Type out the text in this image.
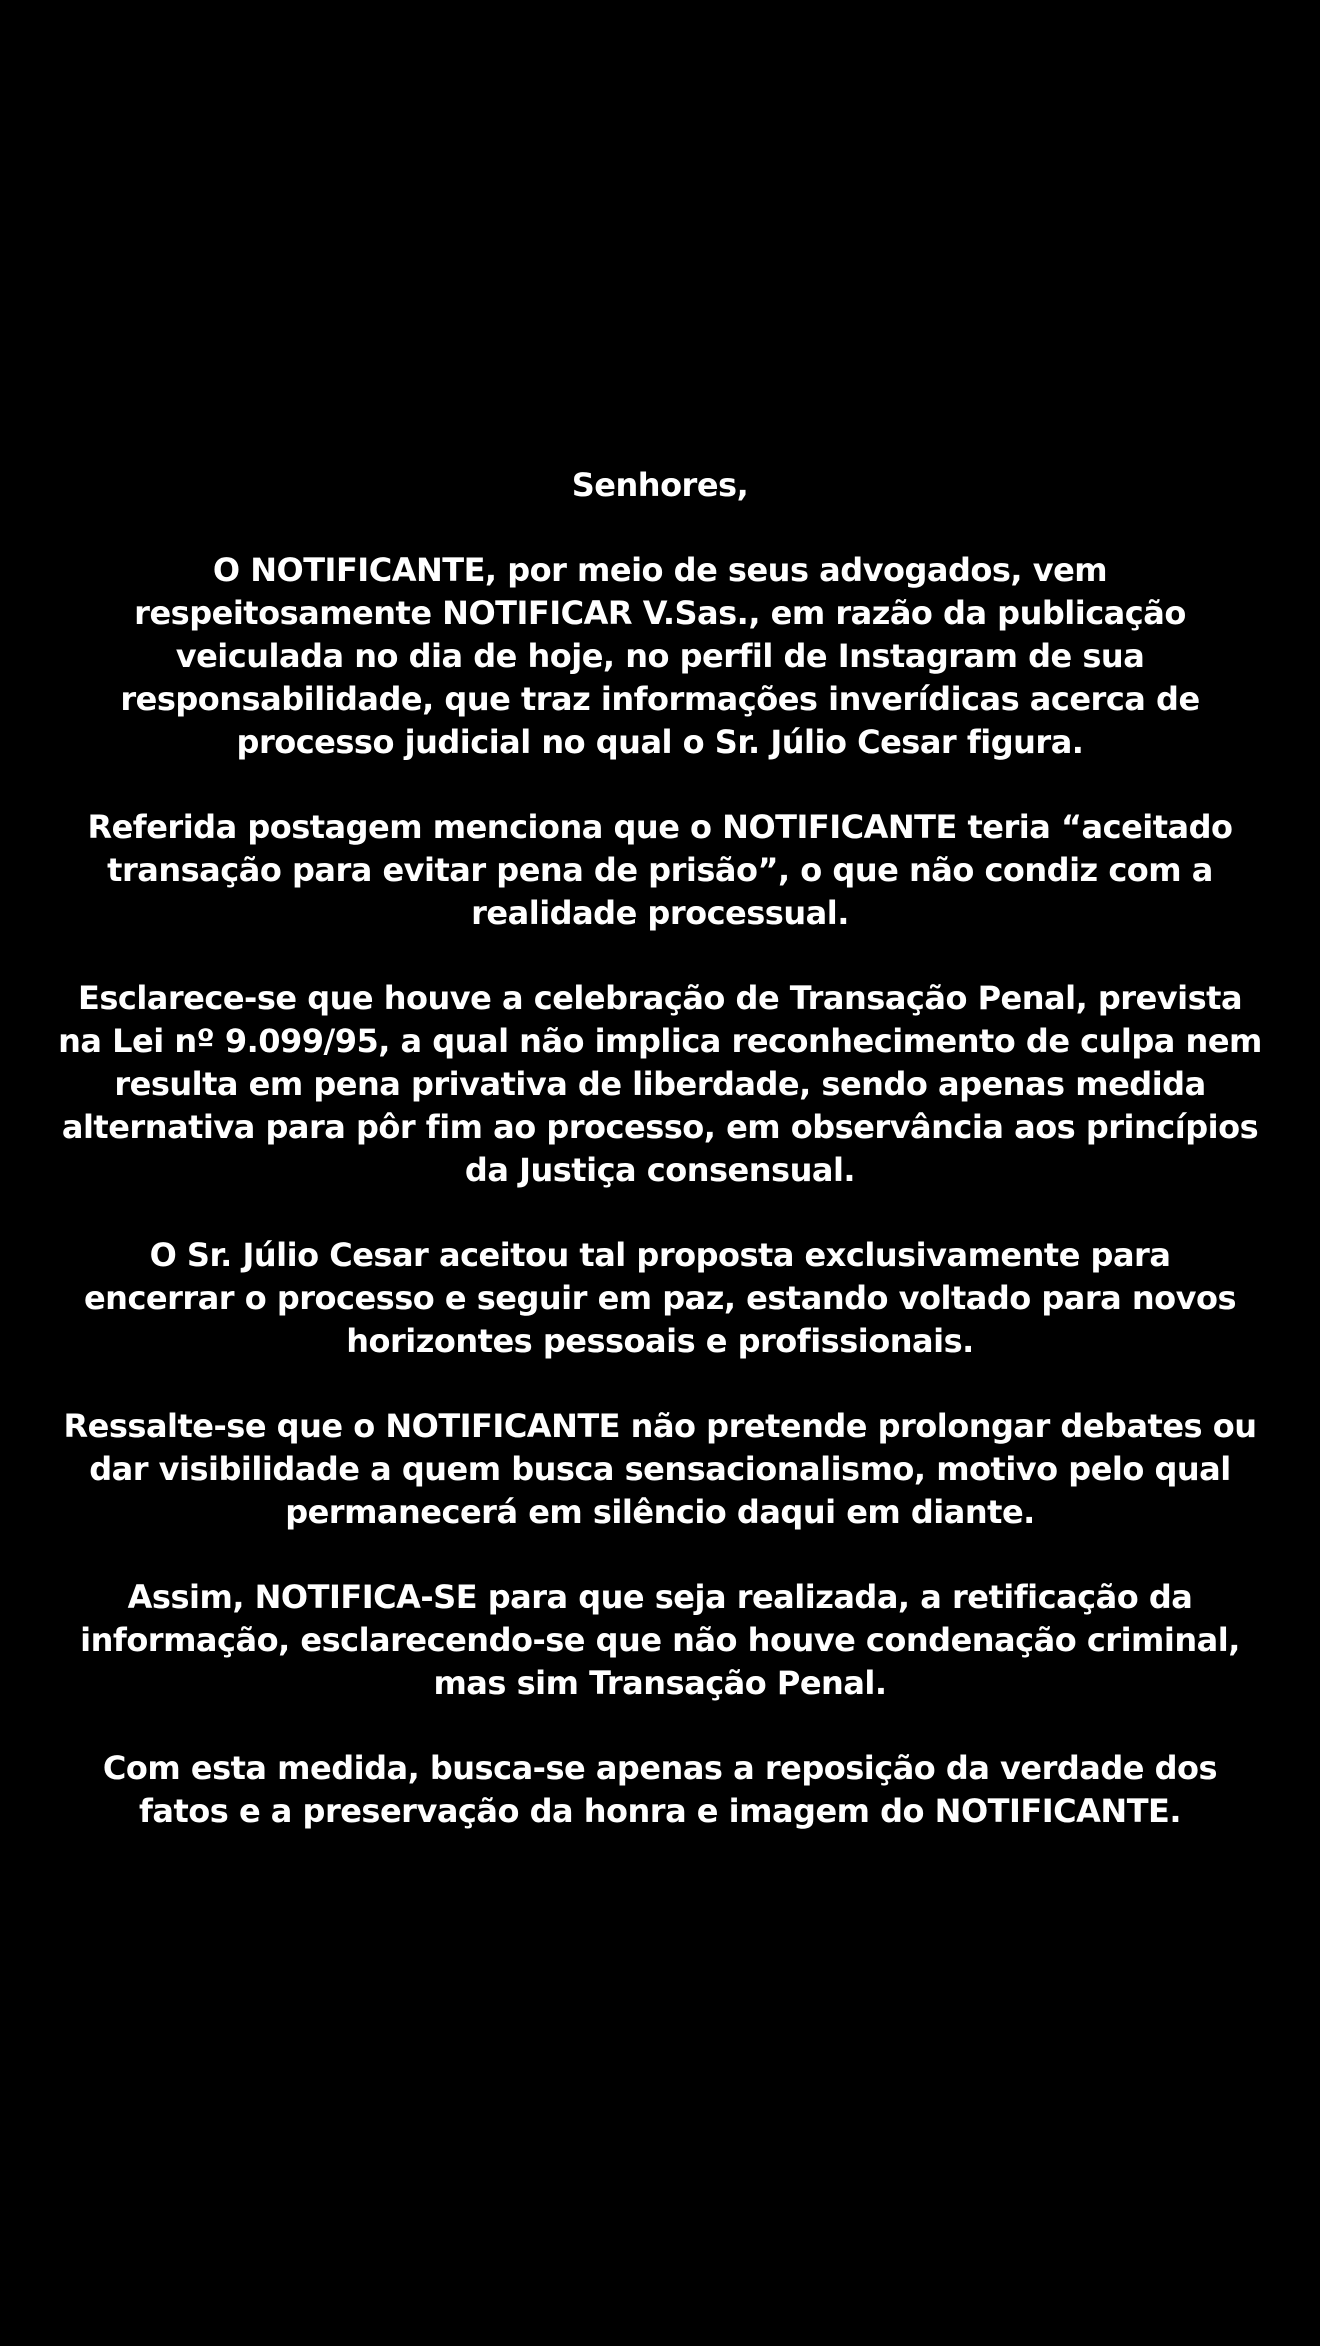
Senhores,
O NOTIFICANTE, por meio de seus advogados, vem
respeitosamente NOTIFICAR V.Sas., em razão da publicação
veiculada no dia de hoje, no perfil de Instagram de sua
responsabilidade, que traz informações inverídicas acerca de
processo judicial no qual o Sr. Júlio Cesar figura.
Referida postagem menciona que o NOTIFICANTE teria “aceitado
transação para evitar pena de prisão”, o que não condiz com a
realidade processual.
Esclarece-se que houve a celebração de Transação Penal, prevista
na Lei nº 9.099/95, a qual não implica reconhecimento de culpa nem
resulta em pena privativa de liberdade, sendo apenas medida
alternativa para pôr fim ao processo, em observância aos princípios
da Justiça consensual.
O Sr. Júlio Cesar aceitou tal proposta exclusivamente para
encerrar o processo e seguir em paz, estando voltado para novos
horizontes pessoais e profissionais.
Ressalte-se que o NOTIFICANTE não pretende prolongar debates ou
dar visibilidade a quem busca sensacionalismo, motivo pelo qual
permanecerá em silêncio daqui em diante.
Assim, NOTIFICA-SE para que seja realizada, a retificação da
informação, esclarecendo-se que não houve condenação criminal,
mas sim Transação Penal.
Com esta medida, busca-se apenas a reposição da verdade dos
fatos e a preservação da honra e imagem do NOTIFICANTE.
